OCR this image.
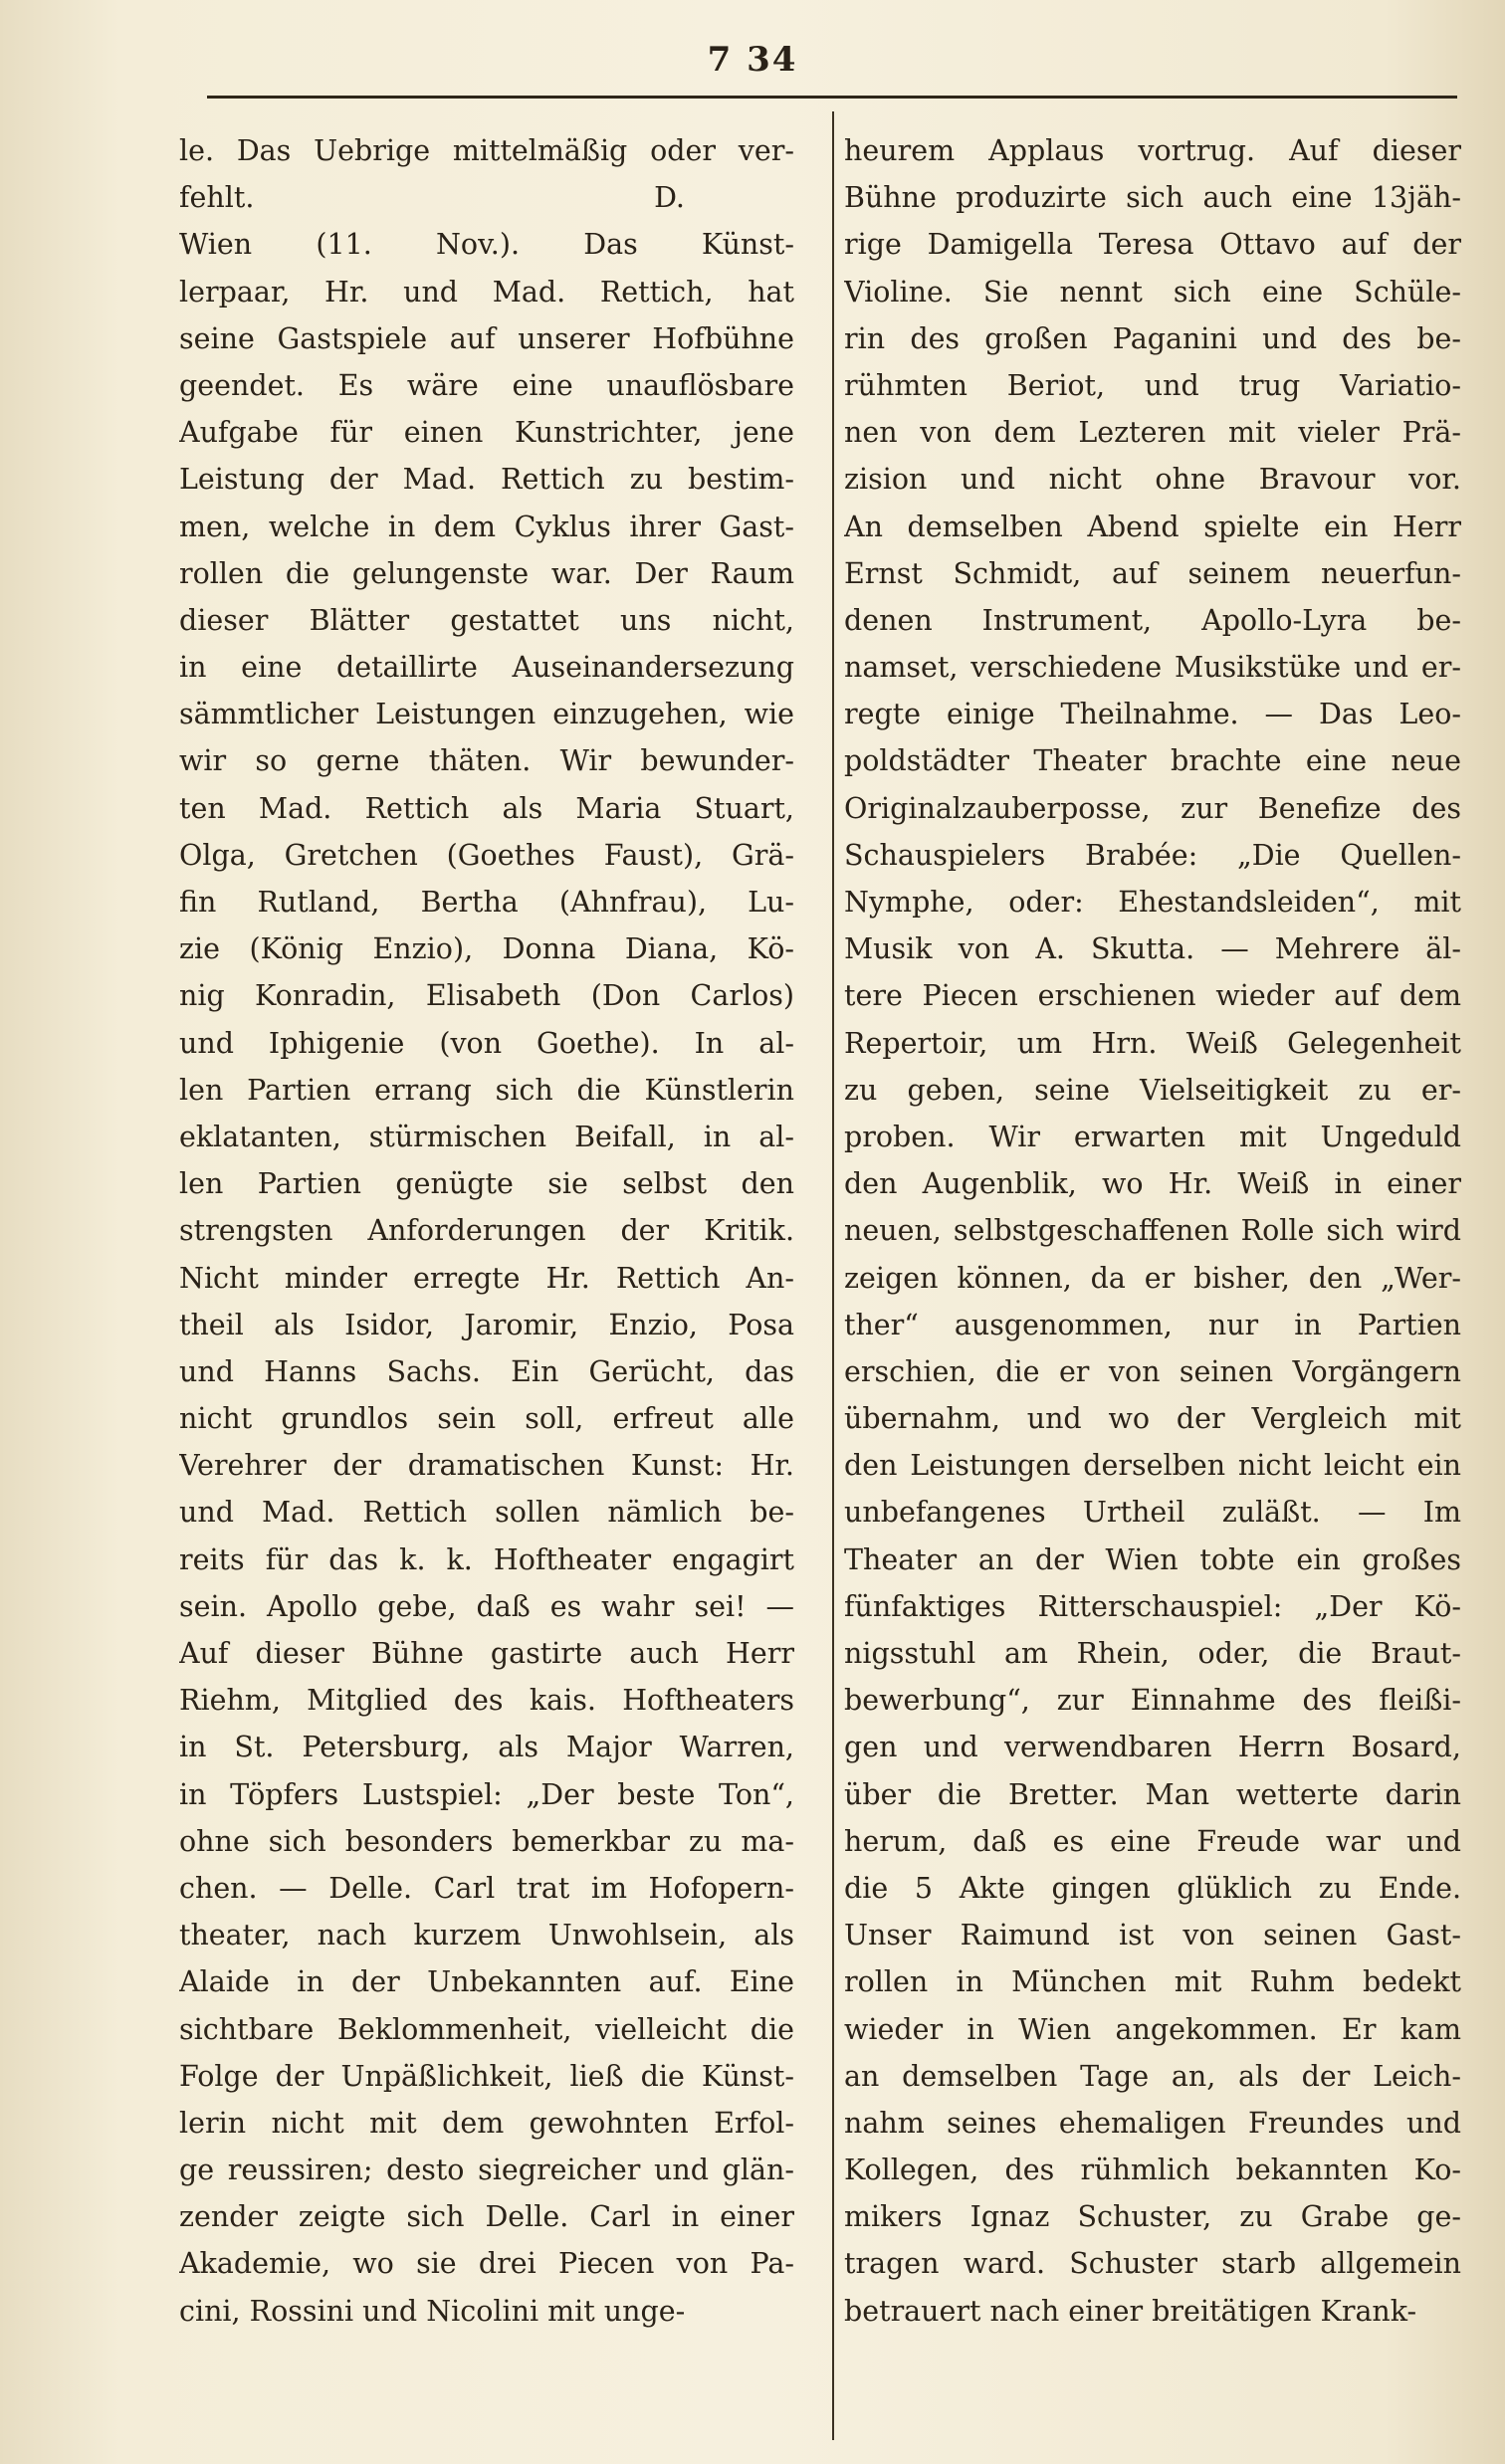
7 34
le. Das Uebrige mittelmäßig oder ver-
fehlt.	D.
Wien (11. Nov.). Das Künst-
lerpaar, Hr. und Mad. Rettich, hat
seine Gastspiele auf unserer Hofbühne
geendet. Es wäre eine unauflösbare
Aufgabe für einen Kunstrichter, jene
Leistung der Mad. Rettich zu bestim-
men, welche in dem Cyklus ihrer Gast-
rollen die gelungenste war. Der Raum
dieser Blätter gestattet uns nicht,
in eine detaillirte Auseinandersezung
sämmtlicher Leistungen einzugehen, wie
wir so gerne thäten. Wir bewunder-
ten Mad. Rettich als Maria Stuart,
Olga, Gretchen (Goethes Faust), Grä-
fin Rutland, Bertha (Ahnfrau), Lu-
zie (König Enzio), Donna Diana, Kö-
nig Konradin, Elisabeth (Don Carlos)
und Iphigenie (von Goethe). In al-
len Partien errang sich die Künstlerin
eklatanten, stürmischen Beifall, in al-
len Partien genügte sie selbst den
strengsten Anforderungen der Kritik.
Nicht minder erregte Hr. Rettich An-
theil als Isidor, Jaromir, Enzio, Posa
und Hanns Sachs. Ein Gerücht, das
nicht grundlos sein soll, erfreut alle
Verehrer der dramatischen Kunst: Hr.
und Mad. Rettich sollen nämlich be-
reits für das k. k. Hoftheater engagirt
sein. Apollo gebe, daß es wahr sei! —
Auf dieser Bühne gastirte auch Herr
Riehm, Mitglied des kais. Hoftheaters
in St. Petersburg, als Major Warren,
in Töpfers Lustspiel: „Der beste Ton“,
ohne sich besonders bemerkbar zu ma-
chen. — Delle. Carl trat im Hofopern-
theater, nach kurzem Unwohlsein, als
Alaide in der Unbekannten auf. Eine
sichtbare Beklommenheit, vielleicht die
Folge der Unpäßlichkeit, ließ die Künst-
lerin nicht mit dem gewohnten Erfol-
ge reussiren; desto siegreicher und glän-
zender zeigte sich Delle. Carl in einer
Akademie, wo sie drei Piecen von Pa-
cini, Rossini und Nicolini mit unge-
heurem Applaus vortrug. Auf dieser
Bühne produzirte sich auch eine 13jäh-
rige Damigella Teresa Ottavo auf der
Violine. Sie nennt sich eine Schüle-
rin des großen Paganini und des be-
rühmten Beriot, und trug Variatio-
nen von dem Lezteren mit vieler Prä-
zision und nicht ohne Bravour vor.
An demselben Abend spielte ein Herr
Ernst Schmidt, auf seinem neuerfun-
denen Instrument, Apollo-Lyra be-
namset, verschiedene Musikstüke und er-
regte einige Theilnahme. — Das Leo-
poldstädter Theater brachte eine neue
Originalzauberposse, zur Benefize des
Schauspielers Brabée: „Die Quellen-
Nymphe, oder: Ehestandsleiden“, mit
Musik von A. Skutta. — Mehrere äl-
tere Piecen erschienen wieder auf dem
Repertoir, um Hrn. Weiß Gelegenheit
zu geben, seine Vielseitigkeit zu er-
proben. Wir erwarten mit Ungeduld
den Augenblik, wo Hr. Weiß in einer
neuen, selbstgeschaffenen Rolle sich wird
zeigen können, da er bisher, den „Wer-
ther“ ausgenommen, nur in Partien
erschien, die er von seinen Vorgängern
übernahm, und wo der Vergleich mit
den Leistungen derselben nicht leicht ein
unbefangenes Urtheil zuläßt. — Im
Theater an der Wien tobte ein großes
fünfaktiges Ritterschauspiel: „Der Kö-
nigsstuhl am Rhein, oder, die Braut-
bewerbung“, zur Einnahme des fleißi-
gen und verwendbaren Herrn Bosard,
über die Bretter. Man wetterte darin
herum, daß es eine Freude war und
die 5 Akte gingen glüklich zu Ende.
Unser Raimund ist von seinen Gast-
rollen in München mit Ruhm bedekt
wieder in Wien angekommen. Er kam
an demselben Tage an, als der Leich-
nahm seines ehemaligen Freundes und
Kollegen, des rühmlich bekannten Ko-
mikers Ignaz Schuster, zu Grabe ge-
tragen ward. Schuster starb allgemein
betrauert nach einer breitätigen Krank-
